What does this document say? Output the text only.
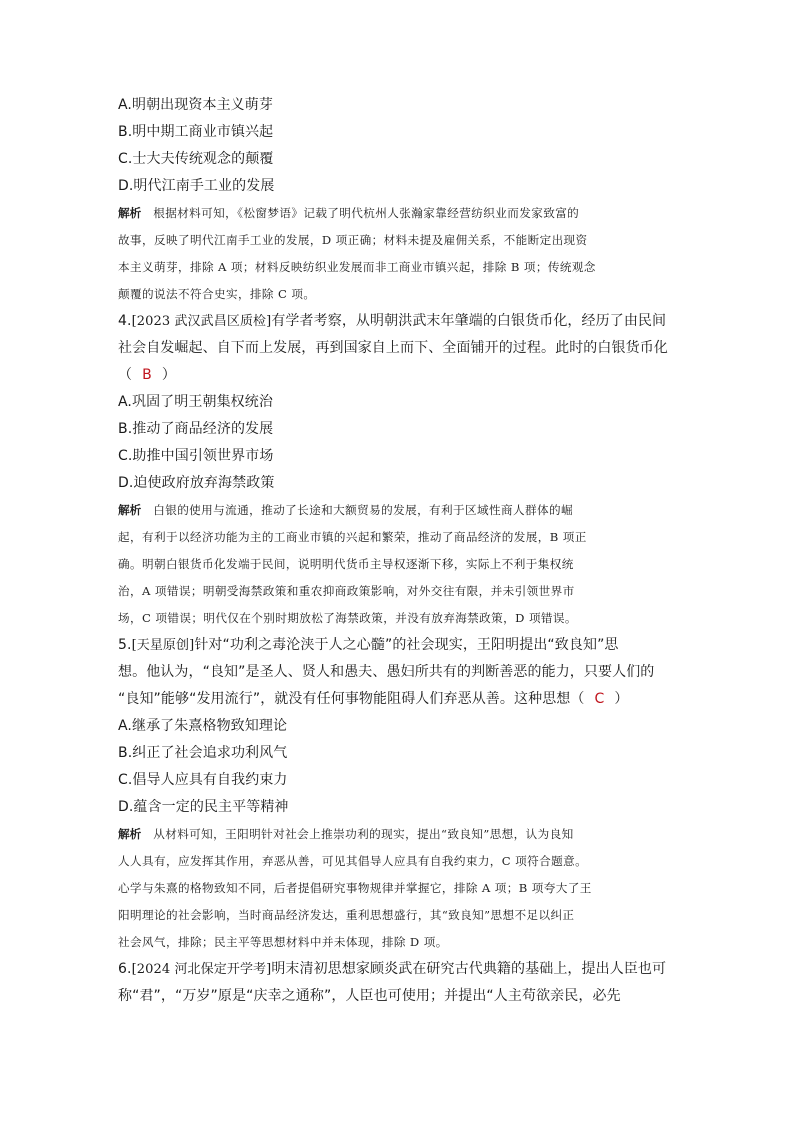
A.明朝出现资本主义萌芽
B.明中期工商业市镇兴起
C.士大夫传统观念的颠覆
D.明代江南手工业的发展
解析 根据材料可知，《松窗梦语》记载了明代杭州人张瀚家靠经营纺织业而发家致富的
故事，反映了明代江南手工业的发展，D 项正确；材料未提及雇佣关系，不能断定出现资
本主义萌芽，排除 A 项；材料反映纺织业发展而非工商业市镇兴起，排除 B 项；传统观念
颠覆的说法不符合史实，排除 C 项。
4.[2023 武汉武昌区质检]有学者考察，从明朝洪武末年肇端的白银货币化，经历了由民间
社会自发崛起、自下而上发展，再到国家自上而下、全面铺开的过程。此时的白银货币化
（ B ）
A.巩固了明王朝集权统治
B.推动了商品经济的发展
C.助推中国引领世界市场
D.迫使政府放弃海禁政策
解析 白银的使用与流通，推动了长途和大额贸易的发展，有利于区域性商人群体的崛
起，有利于以经济功能为主的工商业市镇的兴起和繁荣，推动了商品经济的发展，B 项正
确。明朝白银货币化发端于民间，说明明代货币主导权逐渐下移，实际上不利于集权统
治，A 项错误；明朝受海禁政策和重农抑商政策影响，对外交往有限，并未引领世界市
场，C 项错误；明代仅在个别时期放松了海禁政策，并没有放弃海禁政策，D 项错误。
5.[天星原创]针对“功利之毒沦浃于人之心髓”的社会现实，王阳明提出“致良知”思
想。他认为，“良知”是圣人、贤人和愚夫、愚妇所共有的判断善恶的能力，只要人们的
“良知”能够“发用流行”，就没有任何事物能阻碍人们弃恶从善。这种思想（ C ）
A.继承了朱熹格物致知理论
B.纠正了社会追求功利风气
C.倡导人应具有自我约束力
D.蕴含一定的民主平等精神
解析 从材料可知，王阳明针对社会上推崇功利的现实，提出“致良知”思想，认为良知
人人具有，应发挥其作用，弃恶从善，可见其倡导人应具有自我约束力，C 项符合题意。
心学与朱熹的格物致知不同，后者提倡研究事物规律并掌握它，排除 A 项；B 项夸大了王
阳明理论的社会影响，当时商品经济发达，重利思想盛行，其“致良知”思想不足以纠正
社会风气，排除；民主平等思想材料中并未体现，排除 D 项。
6.[2024 河北保定开学考]明末清初思想家顾炎武在研究古代典籍的基础上，提出人臣也可
称“君”，“万岁”原是“庆幸之通称”，人臣也可使用；并提出“人主苟欲亲民，必先
